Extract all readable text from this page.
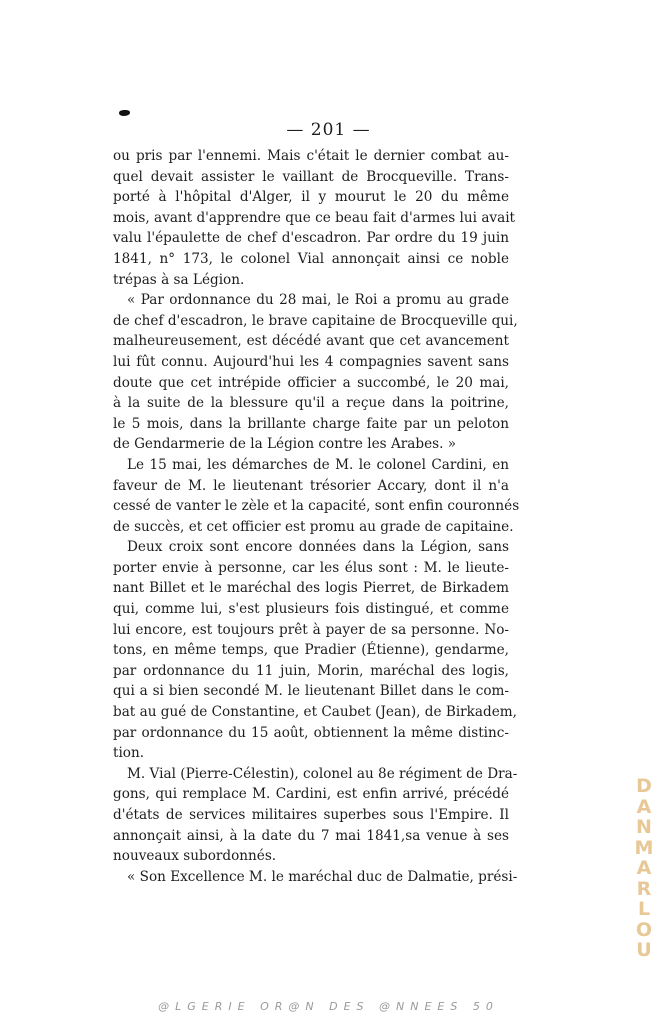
— 201 —
ou pris par l'ennemi. Mais c'était le dernier combat au-
quel devait assister le vaillant de Brocqueville. Trans-
porté à l'hôpital d'Alger, il y mourut le 20 du même
mois, avant d'apprendre que ce beau fait d'armes lui avait
valu l'épaulette de chef d'escadron. Par ordre du 19 juin
1841, n° 173, le colonel Vial annonçait ainsi ce noble
trépas à sa Légion.
« Par ordonnance du 28 mai, le Roi a promu au grade
de chef d'escadron, le brave capitaine de Brocqueville qui,
malheureusement, est décédé avant que cet avancement
lui fût connu. Aujourd'hui les 4 compagnies savent sans
doute que cet intrépide officier a succombé, le 20 mai,
à la suite de la blessure qu'il a reçue dans la poitrine,
le 5 mois, dans la brillante charge faite par un peloton
de Gendarmerie de la Légion contre les Arabes. »
Le 15 mai, les démarches de M. le colonel Cardini, en
faveur de M. le lieutenant trésorier Accary, dont il n'a
cessé de vanter le zèle et la capacité, sont enfin couronnés
de succès, et cet officier est promu au grade de capitaine.
Deux croix sont encore données dans la Légion, sans
porter envie à personne, car les élus sont : M. le lieute-
nant Billet et le maréchal des logis Pierret, de Birkadem
qui, comme lui, s'est plusieurs fois distingué, et comme
lui encore, est toujours prêt à payer de sa personne. No-
tons, en même temps, que Pradier (Étienne), gendarme,
par ordonnance du 11 juin, Morin, maréchal des logis,
qui a si bien secondé M. le lieutenant Billet dans le com-
bat au gué de Constantine, et Caubet (Jean), de Birkadem,
par ordonnance du 15 août, obtiennent la même distinc-
tion.
M. Vial (Pierre-Célestin), colonel au 8e régiment de Dra-
gons, qui remplace M. Cardini, est enfin arrivé, précédé
d'états de services militaires superbes sous l'Empire. Il
annonçait ainsi, à la date du 7 mai 1841,sa venue à ses
nouveaux subordonnés.
« Son Excellence M. le maréchal duc de Dalmatie, prési-
D
A
N
M
A
R
L
O
U
@LGERIE OR@N DES @NNEES 50
